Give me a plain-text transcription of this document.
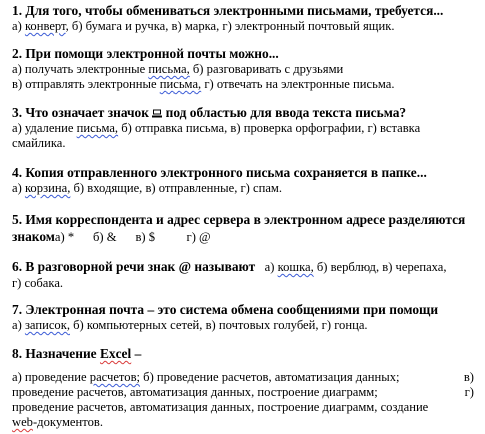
1. Для того, чтобы обмениваться электронными письмами, требуется...
а) конверт, б) бумага и ручка, в) марка, г) электронный почтовый ящик.
2. При помощи электронной почты можно...
а) получать электронные письма, б) разговаривать с друзьями
в) отправлять электронные письма, г) отвечать на электронные письма.
3. Что означает значок  под областью для ввода текста письма?
а) удаление письма, б) отправка письма, в) проверка орфографии, г) вставка
смайлика.
4. Копия отправленного электронного письма сохраняется в папке...
а) корзина, б) входящие, в) отправленные, г) спам.
5. Имя корреспондента и адрес сервера в электронном адресе разделяются
знакома) *      б) &      в) $          г) @
6. В разговорной речи знак @ называют а) кошка, б) верблюд, в) черепаха,
г) собака.
7. Электронная почта – это система обмена сообщениями при помощи
а) записок, б) компьютерных сетей, в) почтовых голубей, г) гонца.
8. Назначение Excel –
а) проведение расчетов; б) проведение расчетов, автоматизация данных;	в)
проведение расчетов, автоматизация данных, построение диаграмм;	г)
проведение расчетов, автоматизация данных, построение диаграмм, создание
web-документов.
